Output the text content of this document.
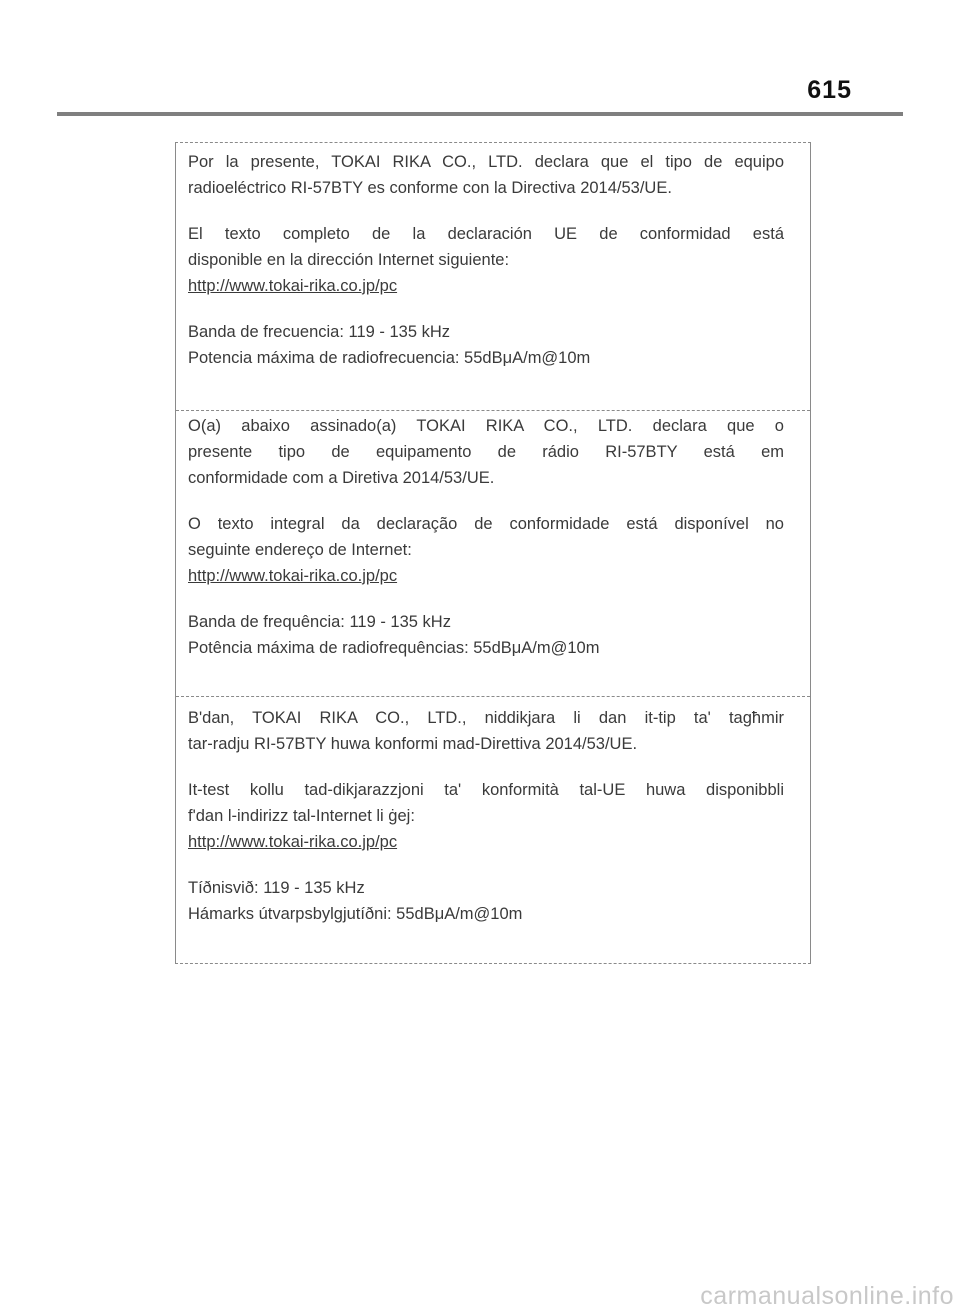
615

Por la presente, TOKAI RIKA CO., LTD. declara que el tipo de equipo

radioeléctrico RI-57BTY es conforme con la Directiva 2014/53/UE.

El texto completo de la declaración UE de conformidad está

disponible en la dirección Internet siguiente:

http://www.tokai-rika.co.jp/pc

Banda de frecuencia: 119 - 135 kHz

Potencia máxima de radiofrecuencia: 55dBμA/m@10m

O(a) abaixo assinado(a) TOKAI RIKA CO., LTD. declara que o

presente tipo de equipamento de rádio RI-57BTY está em

conformidade com a Diretiva 2014/53/UE.

O texto integral da declaração de conformidade está disponível no

seguinte endereço de Internet:

http://www.tokai-rika.co.jp/pc

Banda de frequência: 119 - 135 kHz

Potência máxima de radiofrequências: 55dBμA/m@10m

B'dan, TOKAI RIKA CO., LTD., niddikjara li dan it-tip ta' tagħmir

tar-radju RI-57BTY huwa konformi mad-Direttiva 2014/53/UE.

It-test kollu tad-dikjarazzjoni ta' konformità tal-UE huwa disponibbli

f'dan l-indirizz tal-Internet li ġej:

http://www.tokai-rika.co.jp/pc

Tíðnisvið: 119 - 135 kHz

Hámarks útvarpsbylgjutíðni: 55dBμA/m@10m

carmanualsonline.info
